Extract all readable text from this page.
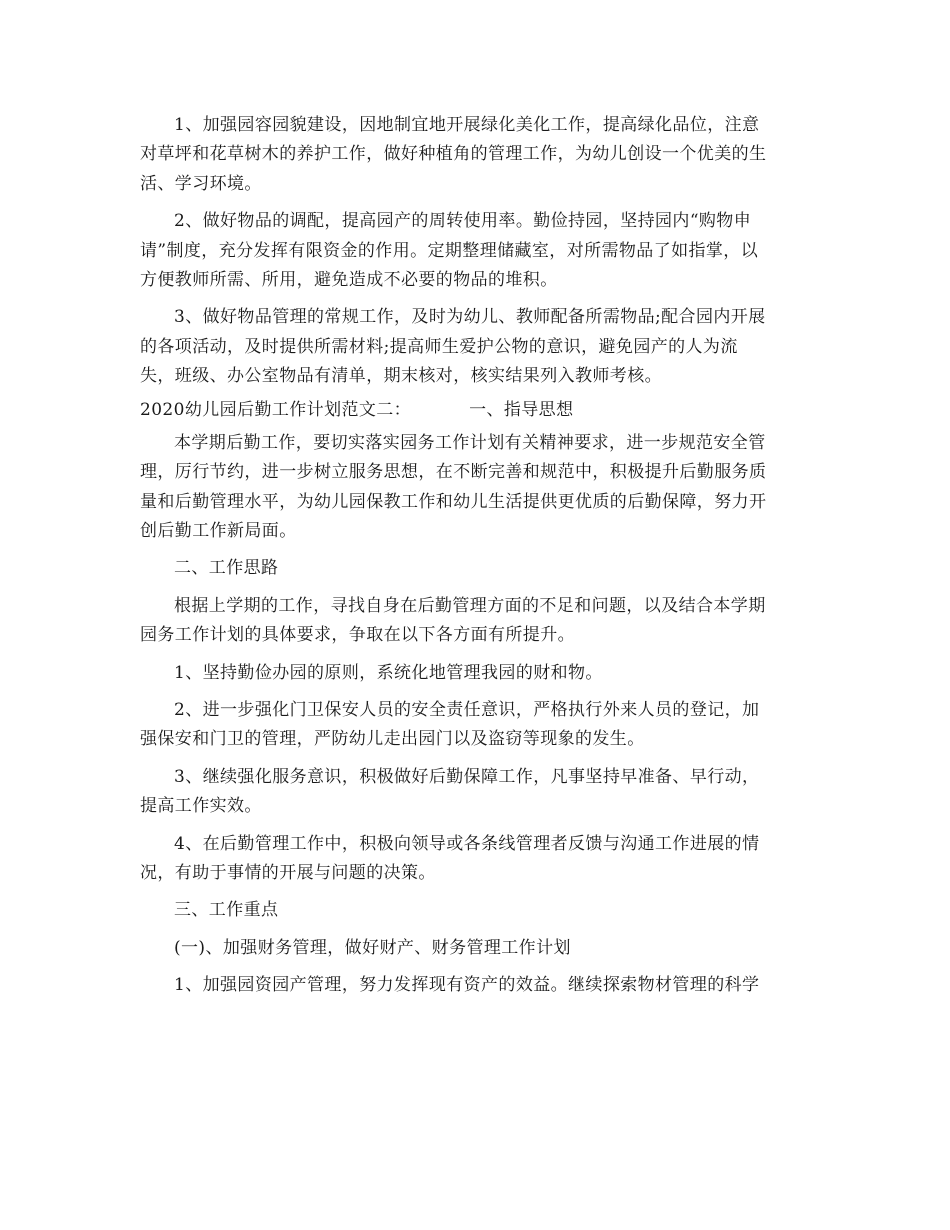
1、加强园容园貌建设，因地制宜地开展绿化美化工作，提高绿化品位，注意
对草坪和花草树木的养护工作，做好种植角的管理工作，为幼儿创设一个优美的生
活、学习环境。
2、做好物品的调配，提高园产的周转使用率。勤俭持园，坚持园内“购物申
请”制度，充分发挥有限资金的作用。定期整理储藏室，对所需物品了如指掌，以
方便教师所需、所用，避免造成不必要的物品的堆积。
3、做好物品管理的常规工作，及时为幼儿、教师配备所需物品;配合园内开展
的各项活动，及时提供所需材料;提高师生爱护公物的意识，避免园产的人为流
失，班级、办公室物品有清单，期末核对，核实结果列入教师考核。
2020幼儿园后勤工作计划范文二：	一、指导思想
本学期后勤工作，要切实落实园务工作计划有关精神要求，进一步规范安全管
理，厉行节约，进一步树立服务思想，在不断完善和规范中，积极提升后勤服务质
量和后勤管理水平，为幼儿园保教工作和幼儿生活提供更优质的后勤保障，努力开
创后勤工作新局面。
二、工作思路
根据上学期的工作，寻找自身在后勤管理方面的不足和问题，以及结合本学期
园务工作计划的具体要求，争取在以下各方面有所提升。
1、坚持勤俭办园的原则，系统化地管理我园的财和物。
2、进一步强化门卫保安人员的安全责任意识，严格执行外来人员的登记，加
强保安和门卫的管理，严防幼儿走出园门以及盗窃等现象的发生。
3、继续强化服务意识，积极做好后勤保障工作，凡事坚持早准备、早行动，
提高工作实效。
4、在后勤管理工作中，积极向领导或各条线管理者反馈与沟通工作进展的情
况，有助于事情的开展与问题的决策。
三、工作重点
(一)、加强财务管理，做好财产、财务管理工作计划
1、加强园资园产管理，努力发挥现有资产的效益。继续探索物材管理的科学
